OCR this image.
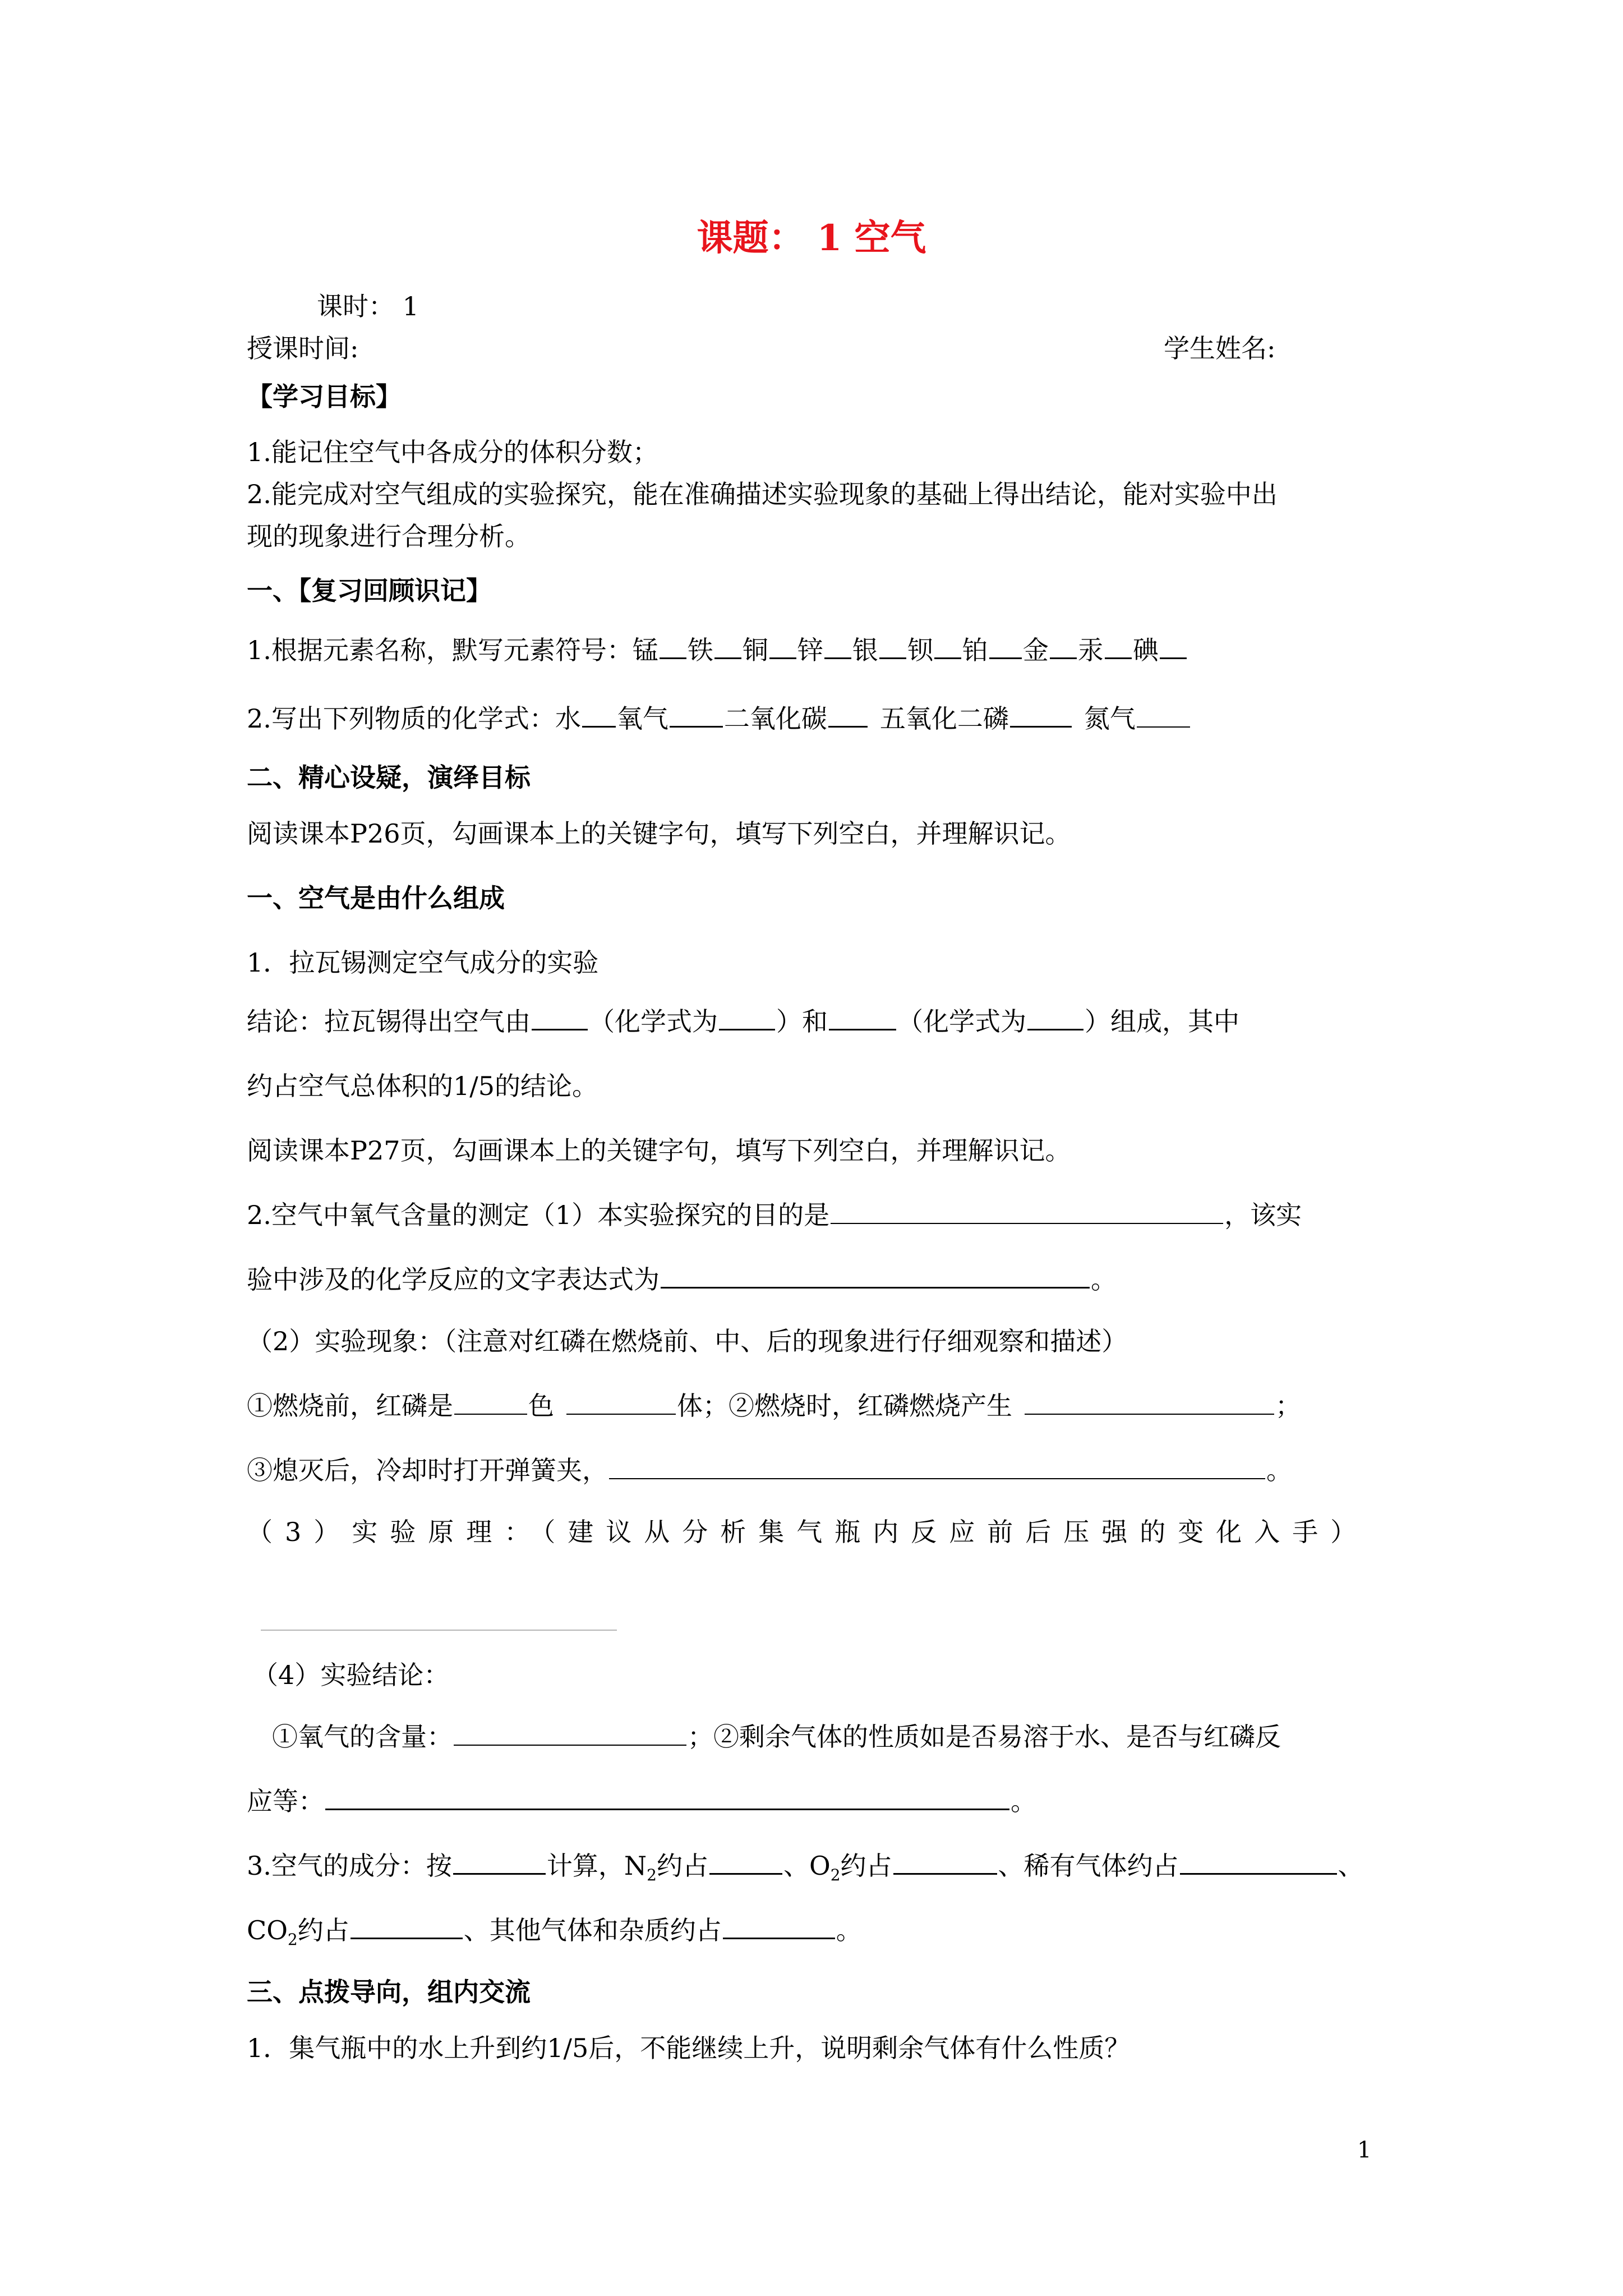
课题： 1 空气
课时： 1
授课时间:	学生姓名:
【学习目标】
1.能记住空气中各成分的体积分数；
2.能完成对空气组成的实验探究，能在准确描述实验现象的基础上得出结论，能对实验中出
现的现象进行合理分析。
一、【复习回顾识记】
1.根据元素名称，默写元素符号：锰 铁 铜 锌 银 钡 铂 金 汞 碘
2.写出下列物质的化学式：水 氧气 二氧化碳 五氧化二磷	氮气
二、精心设疑，演绎目标
阅读课本P26页，勾画课本上的关键字句，填写下列空白，并理解识记。
一、空气是由什么组成
1．拉瓦锡测定空气成分的实验
结论：拉瓦锡得出空气由 （化学式为 ）和	（化学式为 ）组成，其中
约占空气总体积的1/5的结论。
阅读课本P27页，勾画课本上的关键字句，填写下列空白，并理解识记。
2.空气中氧气含量的测定（1）本实验探究的目的是	，该实
验中涉及的化学反应的文字表达式为	。
（2）实验现象：（注意对红磷在燃烧前、中、后的现象进行仔细观察和描述）
①燃烧前，红磷是	色	体；②燃烧时，红磷燃烧产生	；
③熄灭后，冷却时打开弹簧夹，	。
（3）实验原理：（建议从分析集气瓶内反应前后压强的变化入手）
（4）实验结论：
①氧气的含量：	；②剩余气体的性质如是否易溶于水、是否与红磷反
应等：	。
3.空气的成分：按	计算，$N_2$约占	、$O_2$约占	、稀有气体约占	、
$CO_2$约占	、其他气体和杂质约占	。
三、点拨导向，组内交流
1．集气瓶中的水上升到约1/5后，不能继续上升，说明剩余气体有什么性质？
1
